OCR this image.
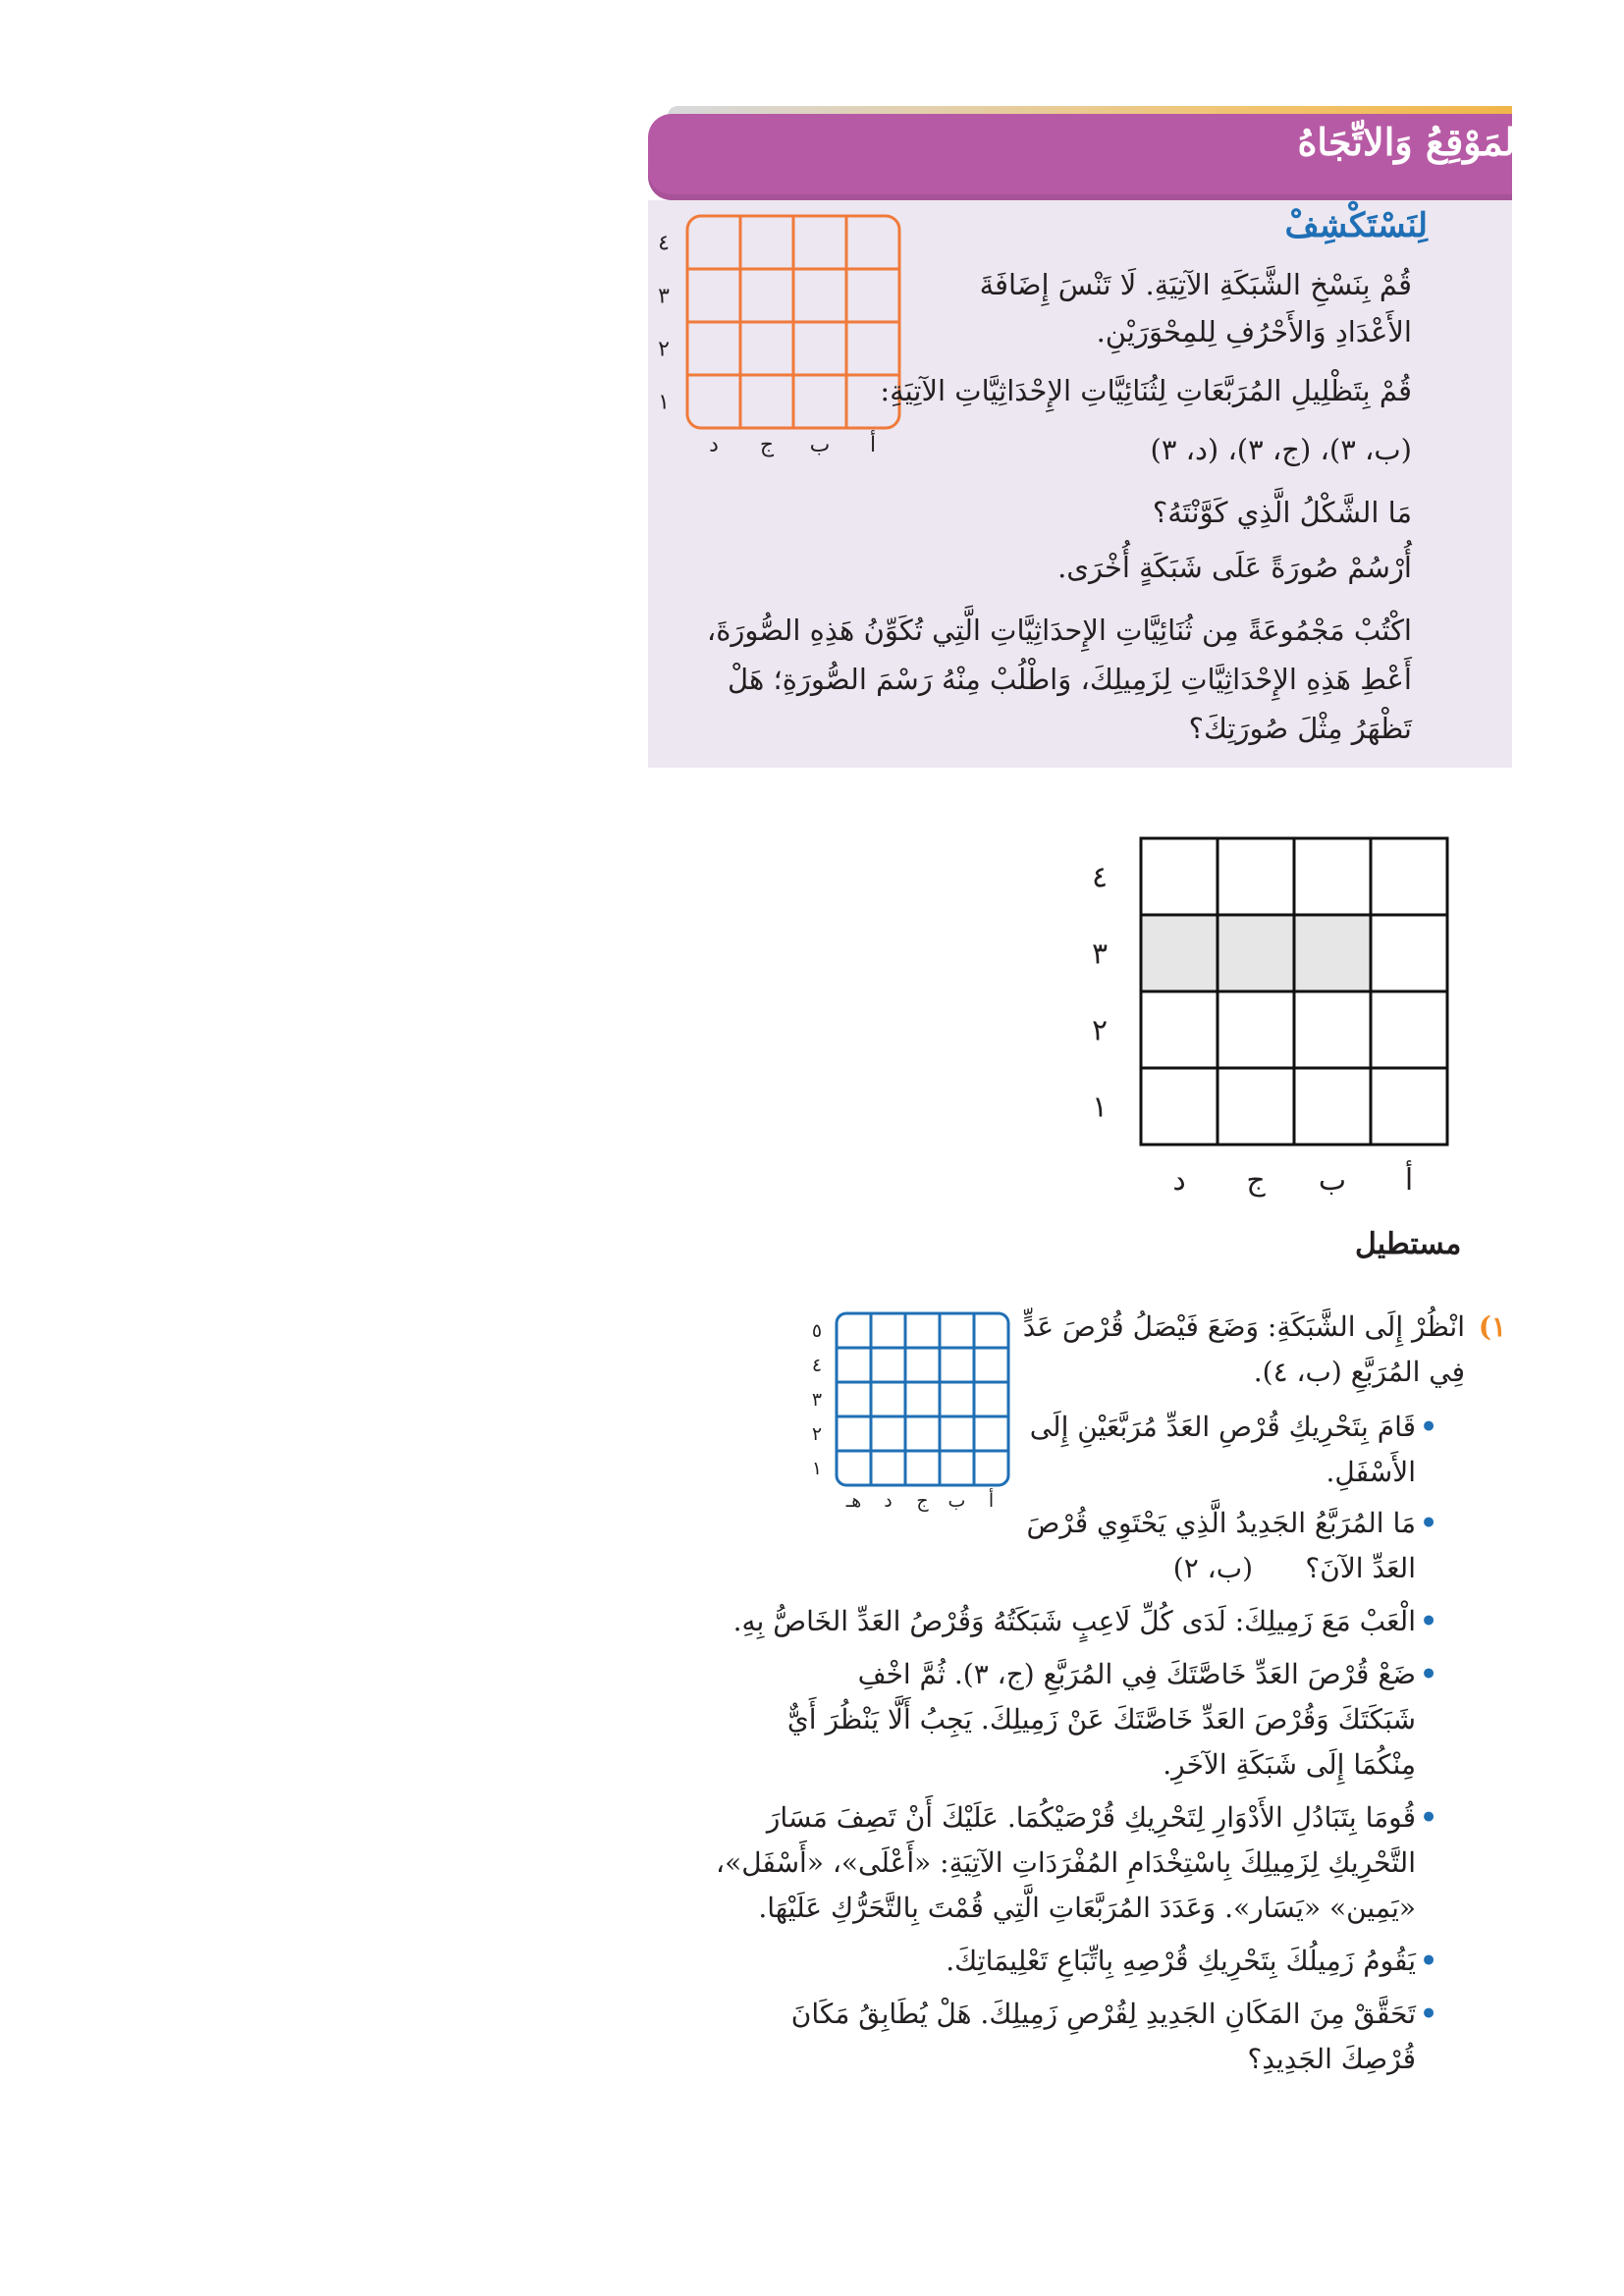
المَوْقِعُ وَالاتِّجَاهُ
لِنَسْتَكْشِفْ
٤
٣
٢
١
أ
ب
ج
د
قُمْ بِنَسْخِ الشَّبَكَةِ الآتِيَةِ. لَا تَنْسَ إِضَافَةَ
الأَعْدَادِ وَالأَحْرُفِ لِلمِحْوَرَيْنِ.
قُمْ بِتَظْلِيلِ المُرَبَّعَاتِ لِثُنَائِيَّاتِ الإِحْدَاثِيَّاتِ الآتِيَةِ:
(ب، ٣)، (ج، ٣)، (د، ٣)
مَا الشَّكْلُ الَّذِي كَوَّنْتَهُ؟
أُرْسُمْ صُورَةً عَلَى شَبَكَةٍ أُخْرَى.
اكْتُبْ مَجْمُوعَةً مِن ثُنَائِيَّاتِ الإِحدَاثِيَّاتِ الَّتِي تُكَوِّنُ هَذِهِ الصُّورَةَ،
أَعْطِ هَذِهِ الإِحْدَاثِيَّاتِ لِزَمِيلِكَ، وَاطْلُبْ مِنْهُ رَسْمَ الصُّورَةِ؛ هَلْ
تَظْهَرُ مِثْلَ صُورَتِكَ؟
٤
٣
٢
١
أ
ب
ج
د
مستطيل
٥
٤
٣
٢
١
أ
ب
ج
د
هـ
١)
انْظُرْ إِلَى الشَّبَكَةِ: وَضَعَ فَيْصَلُ قُرْصَ عَدٍّ
فِي المُرَبَّعِ (ب، ٤).
•
قَامَ بِتَحْرِيكِ قُرْصِ العَدِّ مُرَبَّعَيْنِ إِلَى
الأَسْفَلِ.
•
مَا المُرَبَّعُ الجَدِيدُ الَّذِي يَحْتَوِي قُرْصَ
العَدِّ الآنَ؟
(ب، ٢)
•
الْعَبْ مَعَ زَمِيلِكَ: لَدَى كُلِّ لَاعِبٍ شَبَكَتُهُ وَقُرْصُ العَدِّ الخَاصُّ بِهِ.
•
ضَعْ قُرْصَ العَدِّ خَاصَّتَكَ فِي المُرَبَّعِ (ج، ٣). ثُمَّ اخْفِ
شَبَكَتَكَ وَقُرْصَ العَدِّ خَاصَّتَكَ عَنْ زَمِيلِكَ. يَجِبُ أَلَّا يَنْظُرَ أَيٌّ
مِنْكُمَا إِلَى شَبَكَةِ الآخَرِ.
•
قُومَا بِتَبَادُلِ الأَدْوَارِ لِتَحْرِيكِ قُرْصَيْكُمَا. عَلَيْكَ أَنْ تَصِفَ مَسَارَ
التَّحْرِيكِ لِزَمِيلِكَ بِاسْتِخْدَامِ المُفْرَدَاتِ الآتِيَةِ: «أَعْلَى»، «أَسْفَل»،
«يَمِين» «يَسَار». وَعَدَدَ المُرَبَّعَاتِ الَّتِي قُمْتَ بِالتَّحَرُّكِ عَلَيْهَا.
•
يَقُومُ زَمِيلُكَ بِتَحْرِيكِ قُرْصِهِ بِاتِّبَاعِ تَعْلِيمَاتِكَ.
•
تَحَقَّقْ مِنَ المَكَانِ الجَدِيدِ لِقُرْصِ زَمِيلِكَ. هَلْ يُطَابِقُ مَكَانَ
قُرْصِكَ الجَدِيدِ؟
